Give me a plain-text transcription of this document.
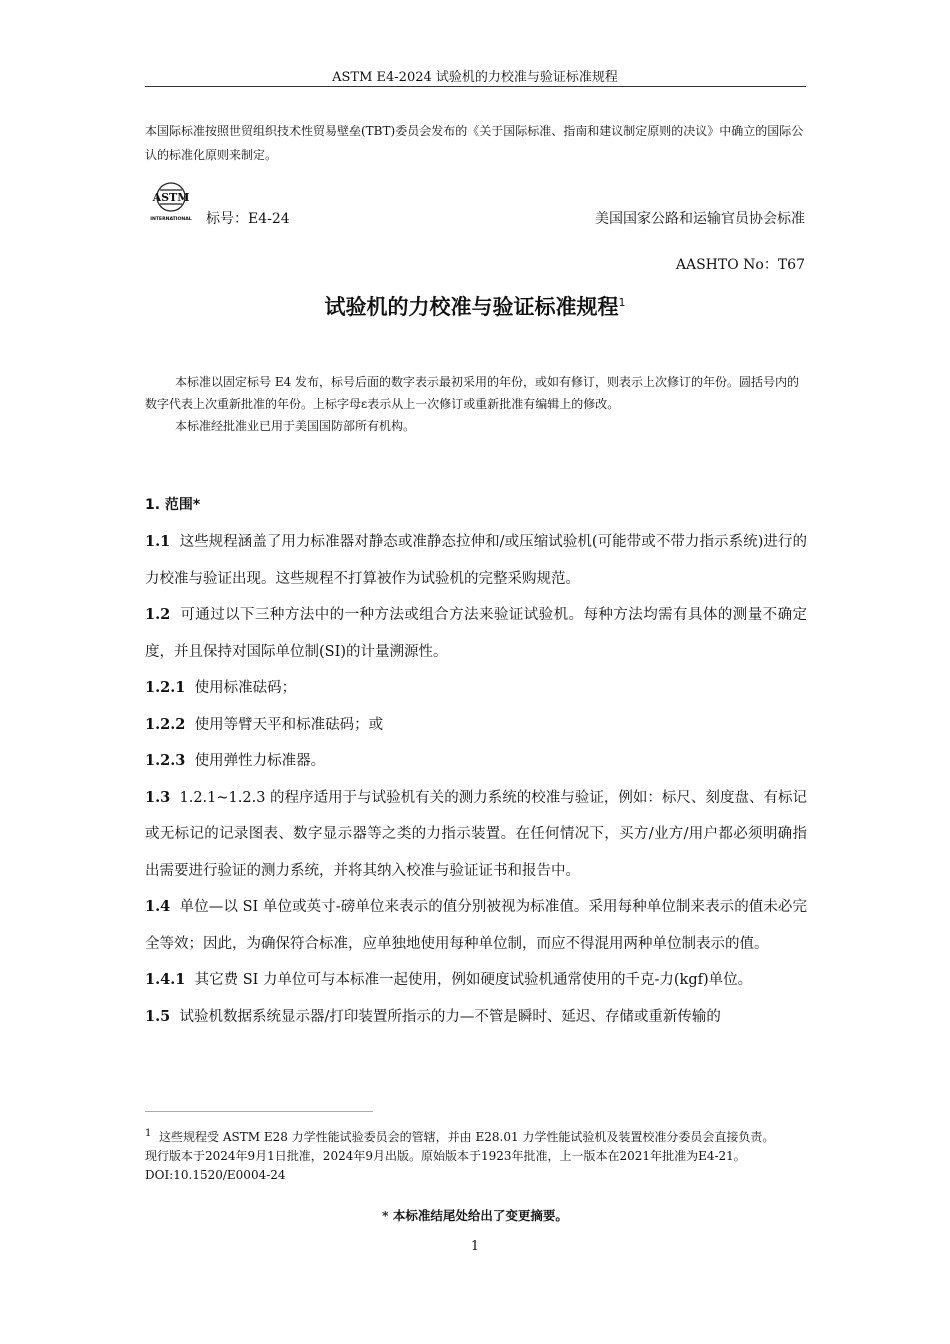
ASTM E4-2024 试验机的力校准与验证标准规程
本国际标准按照世贸组织技术性贸易壁垒(TBT)委员会发布的《关于国际标准、指南和建议制定原则的决议》中确立的国际公认的标准化原则来制定。
ASTM
INTERNATIONAL 标号：E4-24	美国国家公路和运输官员协会标准
AASHTO No：T67
试验机的力校准与验证标准规程$^1$

本标准以固定标号 E4 发布，标号后面的数字表示最初采用的年份，或如有修订，则表示上次修订的年份。圆括号内的数字代表上次重新批准的年份。上标字母ε表示从上一次修订或重新批准有编辑上的修改。

本标准经批准业已用于美国国防部所有机构。

1. 范围*

1.1 这些规程涵盖了用力标准器对静态或准静态拉伸和/或压缩试验机(可能带或不带力指示系统)进行的力校准与验证出现。这些规程不打算被作为试验机的完整采购规范。

1.2 可通过以下三种方法中的一种方法或组合方法来验证试验机。每种方法均需有具体的测量不确定度，并且保持对国际单位制(SI)的计量溯源性。

1.2.1 使用标准砝码；

1.2.2 使用等臂天平和标准砝码；或

1.2.3 使用弹性力标准器。

1.3  1.2.1~1.2.3 的程序适用于与试验机有关的测力系统的校准与验证，例如：标尺、刻度盘、有标记或无标记的记录图表、数字显示器等之类的力指示装置。在任何情况下，买方/业方/用户都必须明确指出需要进行验证的测力系统，并将其纳入校准与验证证书和报告中。

1.4 单位—以 SI 单位或英寸-磅单位来表示的值分别被视为标准值。采用每种单位制来表示的值未必完全等效；因此，为确保符合标准，应单独地使用每种单位制，而应不得混用两种单位制表示的值。

1.4.1 其它费 SI 力单位可与本标准一起使用，例如硬度试验机通常使用的千克-力(kgf)单位。

1.5 试验机数据系统显示器/打印装置所指示的力—不管是瞬时、延迟、存储或重新传输的

$^1$ 这些规程受 ASTM E28 力学性能试验委员会的管辖，并由 E28.01 力学性能试验机及装置校准分委员会直接负责。

现行版本于2024年9月1日批准，2024年9月出版。原始版本于1923年批准，上一版本在2021年批准为E4-21。

DOI:10.1520/E0004-24

* 本标准结尾处给出了变更摘要。
1
